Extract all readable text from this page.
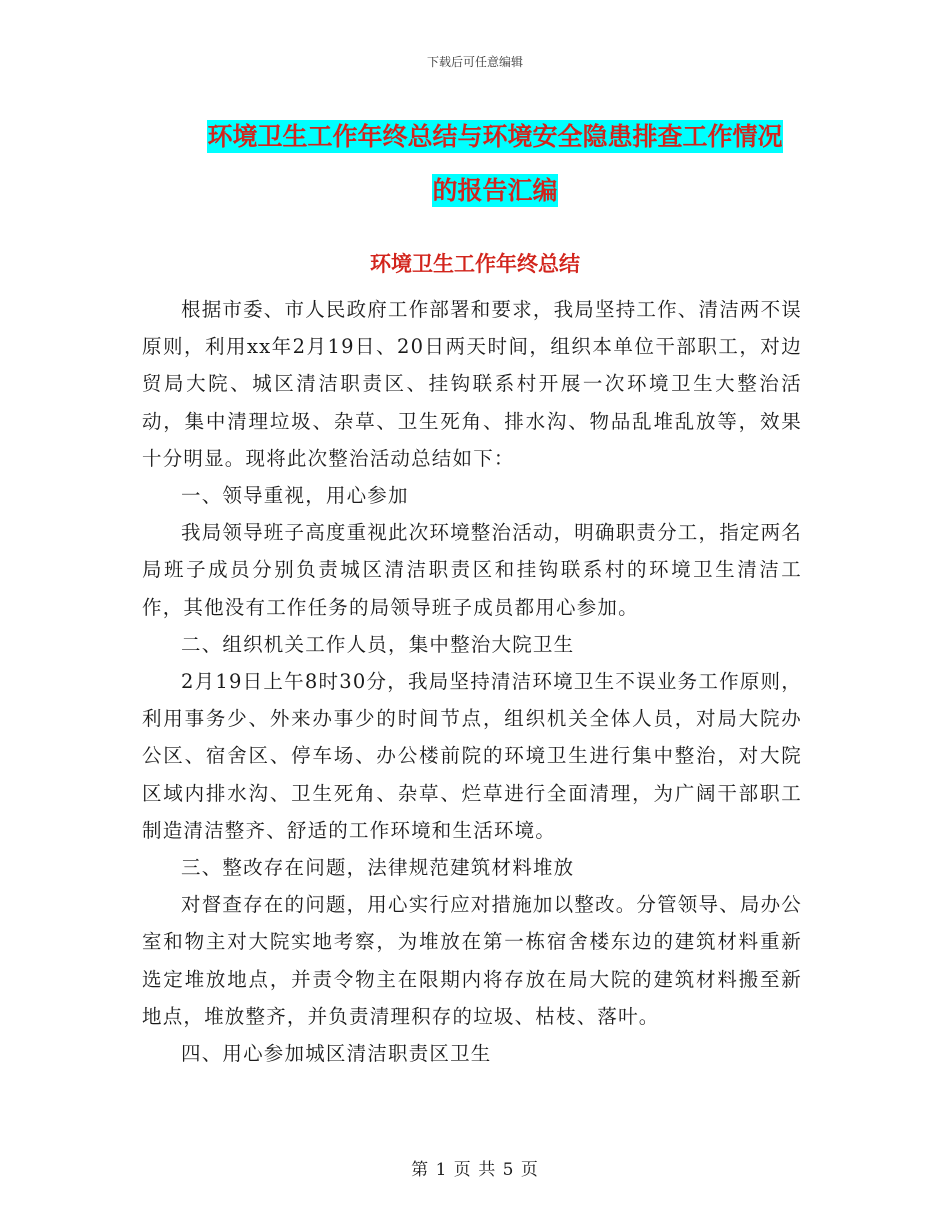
下载后可任意编辑
环境卫生工作年终总结与环境安全隐患排查工作情况
的报告汇编
环境卫生工作年终总结

根据市委、市人民政府工作部署和要求，我局坚持工作、清洁两不误原则，利用xx年2月19日、20日两天时间，组织本单位干部职工，对边贸局大院、城区清洁职责区、挂钩联系村开展一次环境卫生大整治活动，集中清理垃圾、杂草、卫生死角、排水沟、物品乱堆乱放等，效果十分明显。现将此次整治活动总结如下：

一、领导重视，用心参加

我局领导班子高度重视此次环境整治活动，明确职责分工，指定两名局班子成员分别负责城区清洁职责区和挂钩联系村的环境卫生清洁工作，其他没有工作任务的局领导班子成员都用心参加。

二、组织机关工作人员，集中整治大院卫生

2月19日上午8时30分，我局坚持清洁环境卫生不误业务工作原则，利用事务少、外来办事少的时间节点，组织机关全体人员，对局大院办公区、宿舍区、停车场、办公楼前院的环境卫生进行集中整治，对大院区域内排水沟、卫生死角、杂草、烂草进行全面清理，为广阔干部职工制造清洁整齐、舒适的工作环境和生活环境。

三、整改存在问题，法律规范建筑材料堆放

对督查存在的问题，用心实行应对措施加以整改。分管领导、局办公室和物主对大院实地考察，为堆放在第一栋宿舍楼东边的建筑材料重新选定堆放地点，并责令物主在限期内将存放在局大院的建筑材料搬至新地点，堆放整齐，并负责清理积存的垃圾、枯枝、落叶。

四、用心参加城区清洁职责区卫生

第 1 页 共 5 页
